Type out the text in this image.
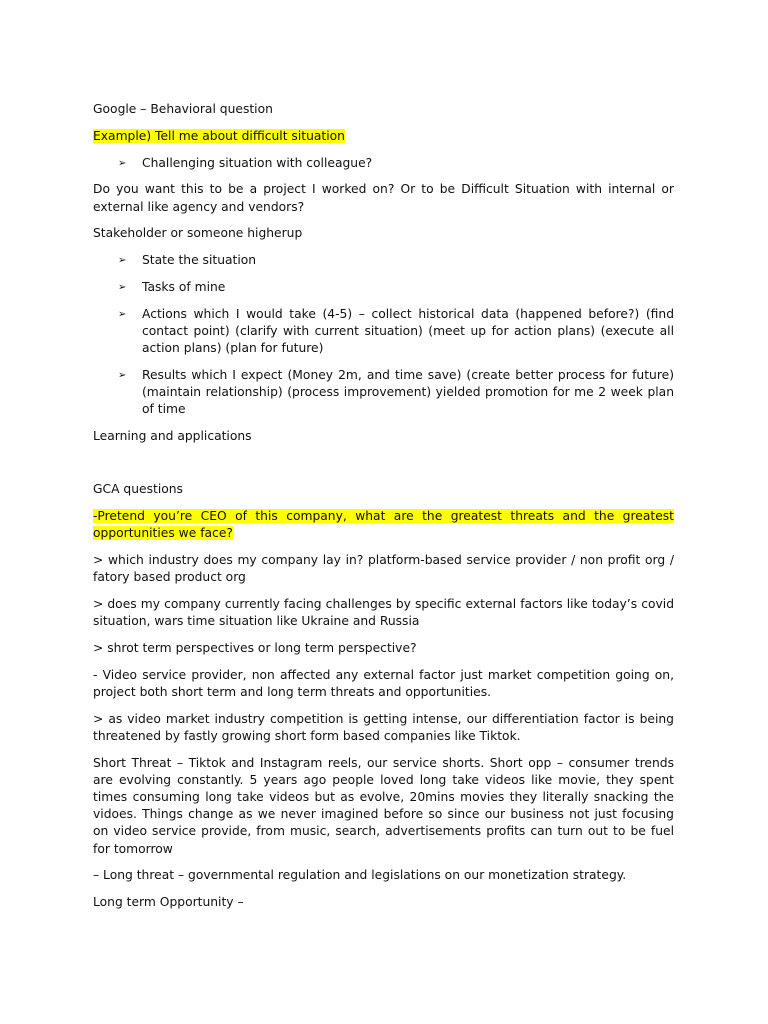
Google – Behavioral question

Example) Tell me about difficult situation

➢ Challenging situation with colleague?

Do you want this to be a project I worked on? Or to be Difficult Situation with internal or external like agency and vendors?

Stakeholder or someone higherup

➢ State the situation
➢ Tasks of mine
➢ Actions which I would take (4-5) – collect historical data (happened before?) (find contact point) (clarify with current situation) (meet up for action plans) (execute all action plans) (plan for future)
➢ Results which I expect (Money 2m, and time save) (create better process for future) (maintain relationship) (process improvement) yielded promotion for me 2 week plan of time

Learning and applications

GCA questions

-Pretend you’re CEO of this company, what are the greatest threats and the greatest opportunities we face?

> which industry does my company lay in? platform-based service provider / non profit org / fatory based product org

> does my company currently facing challenges by specific external factors like today’s covid situation, wars time situation like Ukraine and Russia

> shrot term perspectives or long term perspective?

- Video service provider, non affected any external factor just market competition going on, project both short term and long term threats and opportunities.

> as video market industry competition is getting intense, our differentiation factor is being threatened by fastly growing short form based companies like Tiktok.

Short Threat – Tiktok and Instagram reels, our service shorts. Short opp – consumer trends are evolving constantly. 5 years ago people loved long take videos like movie, they spent times consuming long take videos but as evolve, 20mins movies they literally snacking the vidoes. Things change as we never imagined before so since our business not just focusing on video service provide, from music, search, advertisements profits can turn out to be fuel for tomorrow

– Long threat – governmental regulation and legislations on our monetization strategy.

Long term Opportunity –
